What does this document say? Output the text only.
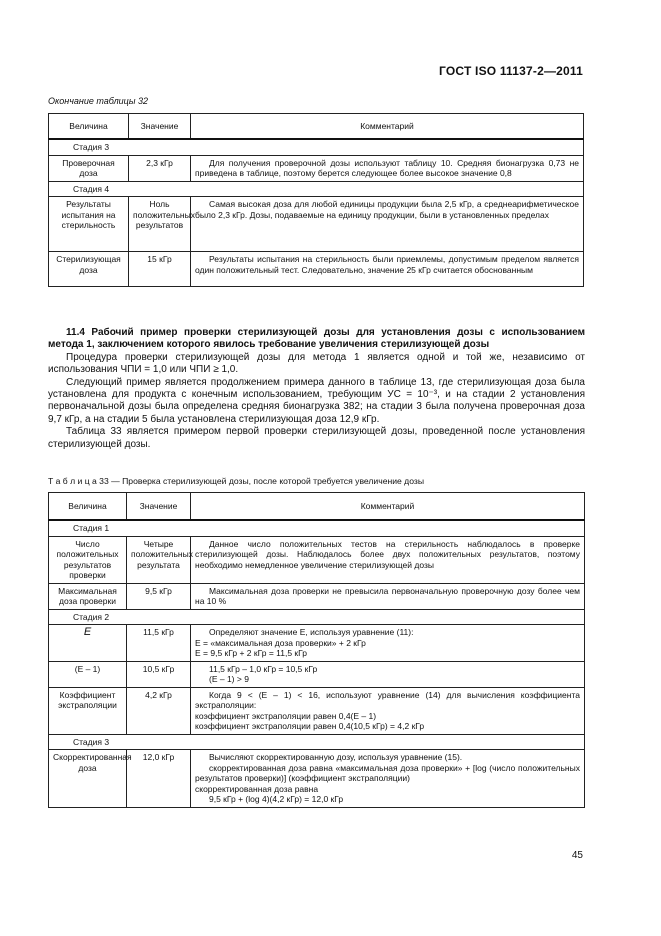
ГОСТ ISO 11137-2—2011
Окончание таблицы 32
Величина	Значение	Комментарий
Стадия 3		
Проверочная доза	2,3 кГр	Для получения проверочной дозы используют таблицу 10. Средняя бионагрузка 0,73 не приведена в таблице, поэтому берется следующее более высокое значение 0,8
Стадия 4		
Результаты испытания на стерильность	Ноль положительных результатов	Самая высокая доза для любой единицы продукции была 2,5 кГр, а среднеарифметическое было 2,3 кГр. Дозы, подаваемые на единицу продукции, были в установленных пределах
Стерилизующая доза	15 кГр	Результаты испытания на стерильность были приемлемы, допустимым пределом является один положительный тест. Следовательно, значение 25 кГр считается обоснованным
11.4 Рабочий пример проверки стерилизующей дозы для установления дозы с использованием метода 1, заключением которого явилось требование увеличения стерилизующей дозы

Процедура проверки стерилизующей дозы для метода 1 является одной и той же, независимо от использования ЧПИ = 1,0 или ЧПИ ≥ 1,0.

Следующий пример является продолжением примера данного в таблице 13, где стерилизующая доза была установлена для продукта с конечным использованием, требующим УС = 10⁻³, и на стадии 2 установления первоначальной дозы была определена средняя бионагрузка 382; на стадии 3 была получена проверочная доза 9,7 кГр, а на стадии 5 была установлена стерилизующая доза 12,9 кГр.

Таблица 33 является примером первой проверки стерилизующей дозы, проведенной после установления стерилизующей дозы.

Т а б л и ц а 33 — Проверка стерилизующей дозы, после которой требуется увеличение дозы
Величина	Значение	Комментарий
Стадия 1		
Число положительных результатов проверки	Четыре положительных результата	Данное число положительных тестов на стерильность наблюдалось в проверке стерилизующей дозы. Наблюдалось более двух положительных результатов, поэтому необходимо немедленное увеличение стерилизующей дозы
Максимальная доза проверки	9,5 кГр	Максимальная доза проверки не превысила первоначальную проверочную дозу более чем на 10 %
Стадия 2		
E	11,5 кГр	Определяют значение E, используя уравнение (11):
E = «максимальная доза проверки» + 2 кГр
E = 9,5 кГр + 2 кГр = 11,5 кГр

(E – 1)	10,5 кГр	11,5 кГр – 1,0 кГр = 10,5 кГр
(E – 1) > 9

Коэффициент экстраполяции	4,2 кГр	Когда 9 < (E – 1) < 16, используют уравнение (14) для вычисления коэффициента экстраполяции:
коэффициент экстраполяции равен 0,4(E – 1)
коэффициент экстраполяции равен 0,4(10,5 кГр) = 4,2 кГр

Стадия 3		
Скорректированная доза	12,0 кГр	Вычисляют скорректированную дозу, используя уравнение (15).
скорректированная доза равна «максимальная доза проверки» + [log (число положительных результатов проверки)] (коэффициент экстраполяции)
скорректированная доза равна
9,5 кГр + (log 4)(4,2 кГр) = 12,0 кГр
45
